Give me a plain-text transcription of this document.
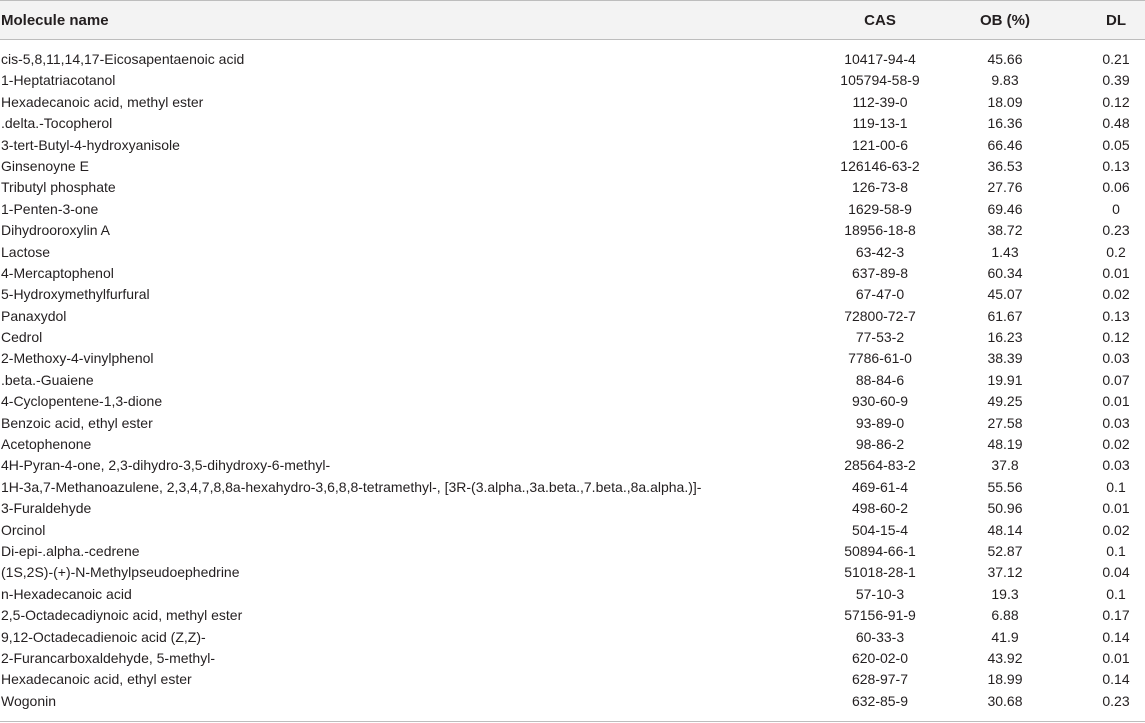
Molecule name	CAS	OB (%)	DL
cis-5,8,11,14,17-Eicosapentaenoic acid	10417-94-4	45.66	0.21
1-Heptatriacotanol	105794-58-9	9.83	0.39
Hexadecanoic acid, methyl ester	112-39-0	18.09	0.12
.delta.-Tocopherol	119-13-1	16.36	0.48
3-tert-Butyl-4-hydroxyanisole	121-00-6	66.46	0.05
Ginsenoyne E	126146-63-2	36.53	0.13
Tributyl phosphate	126-73-8	27.76	0.06
1-Penten-3-one	1629-58-9	69.46	0
Dihydrooroxylin A	18956-18-8	38.72	0.23
Lactose	63-42-3	1.43	0.2
4-Mercaptophenol	637-89-8	60.34	0.01
5-Hydroxymethylfurfural	67-47-0	45.07	0.02
Panaxydol	72800-72-7	61.67	0.13
Cedrol	77-53-2	16.23	0.12
2-Methoxy-4-vinylphenol	7786-61-0	38.39	0.03
.beta.-Guaiene	88-84-6	19.91	0.07
4-Cyclopentene-1,3-dione	930-60-9	49.25	0.01
Benzoic acid, ethyl ester	93-89-0	27.58	0.03
Acetophenone	98-86-2	48.19	0.02
4H-Pyran-4-one, 2,3-dihydro-3,5-dihydroxy-6-methyl-	28564-83-2	37.8	0.03
1H-3a,7-Methanoazulene, 2,3,4,7,8,8a-hexahydro-3,6,8,8-tetramethyl-, [3R-(3.alpha.,3a.beta.,7.beta.,8a.alpha.)]-	469-61-4	55.56	0.1
3-Furaldehyde	498-60-2	50.96	0.01
Orcinol	504-15-4	48.14	0.02
Di-epi-.alpha.-cedrene	50894-66-1	52.87	0.1
(1S,2S)-(+)-N-Methylpseudoephedrine	51018-28-1	37.12	0.04
n-Hexadecanoic acid	57-10-3	19.3	0.1
2,5-Octadecadiynoic acid, methyl ester	57156-91-9	6.88	0.17
9,12-Octadecadienoic acid (Z,Z)-	60-33-3	41.9	0.14
2-Furancarboxaldehyde, 5-methyl-	620-02-0	43.92	0.01
Hexadecanoic acid, ethyl ester	628-97-7	18.99	0.14
Wogonin	632-85-9	30.68	0.23
